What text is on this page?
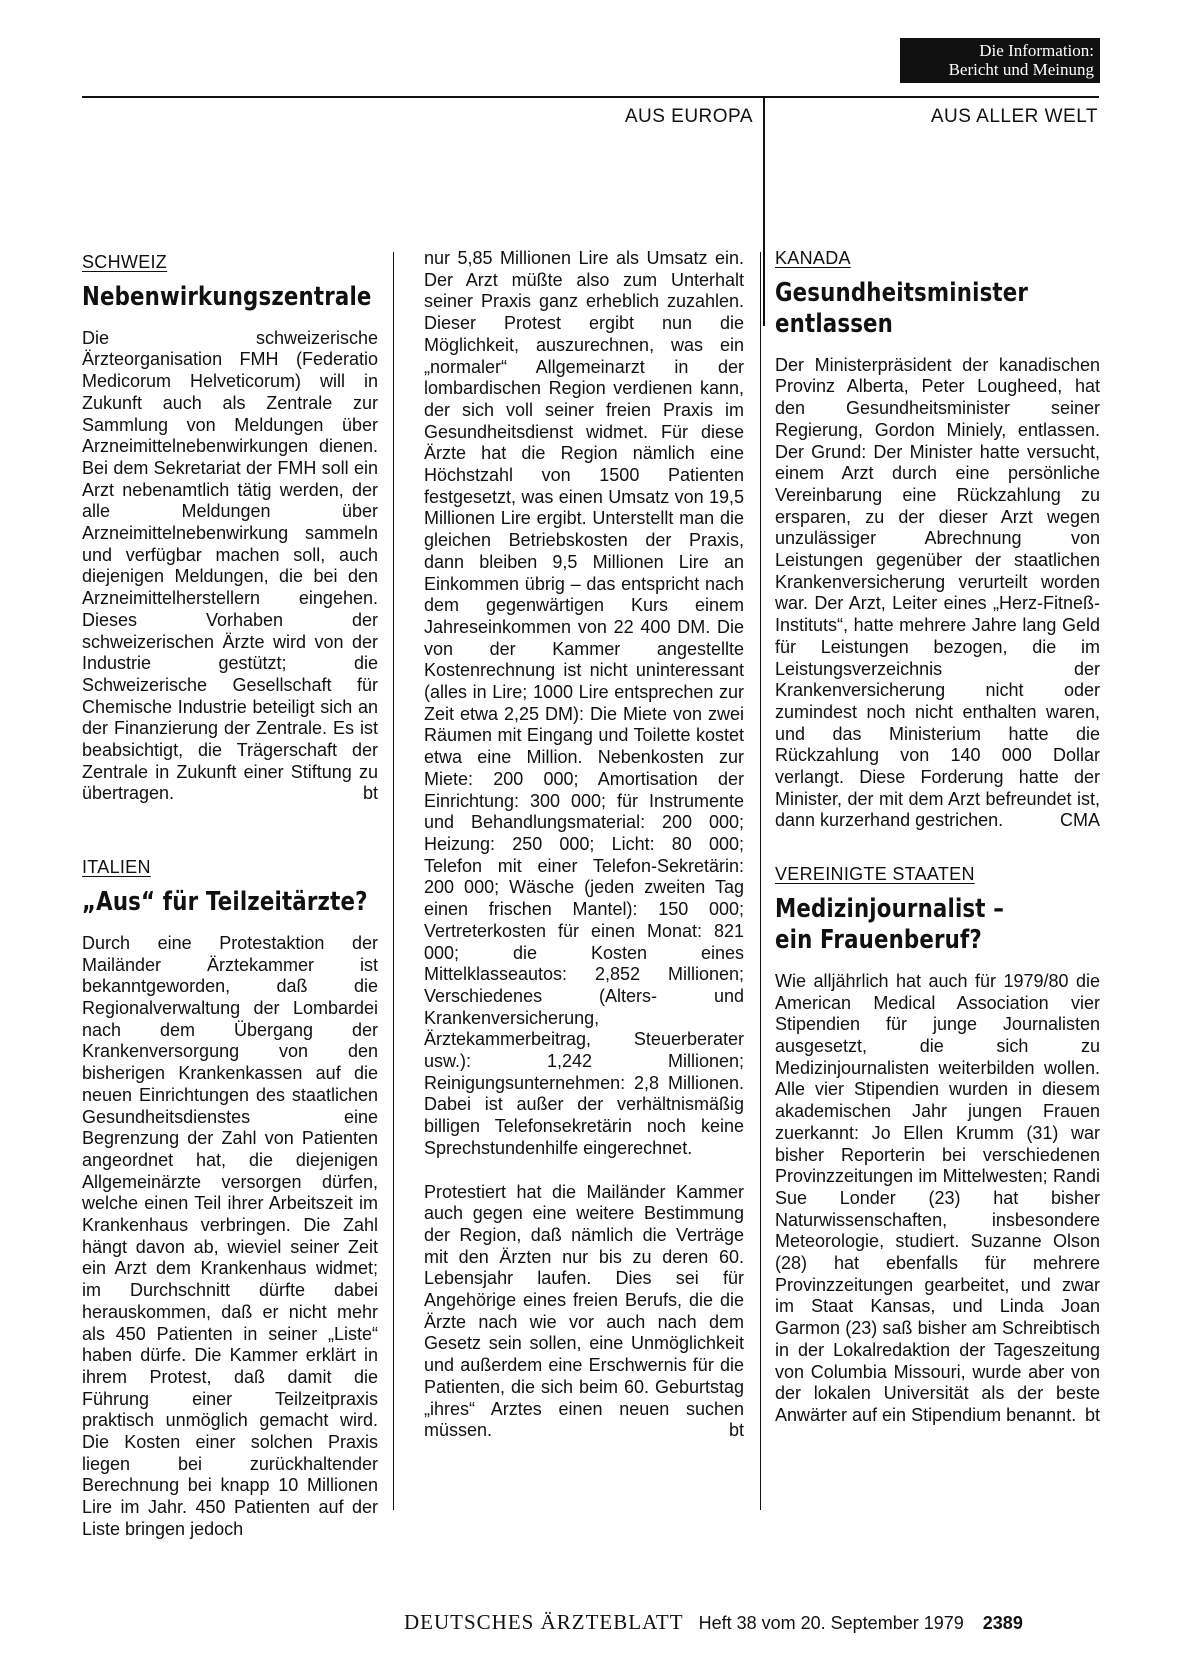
Die Information:
Bericht und Meinung
AUS EUROPA	AUS ALLER WELT

SCHWEIZ

Nebenwirkungszentrale

Die schweizerische Ärzteorganisation FMH (Federatio Medicorum Helveticorum) will in Zukunft auch als Zentrale zur Sammlung von Meldungen über Arzneimittelnebenwirkungen dienen. Bei dem Sekretariat der FMH soll ein Arzt nebenamtlich tätig werden, der alle Meldungen über Arzneimittelnebenwirkung sammeln und verfügbar machen soll, auch diejenigen Meldungen, die bei den Arzneimittelherstellern eingehen. Dieses Vorhaben der schweizerischen Ärzte wird von der Industrie gestützt; die Schweizerische Gesellschaft für Chemische Industrie beteiligt sich an der Finanzierung der Zentrale. Es ist beabsichtigt, die Trägerschaft der Zentrale in Zukunft einer Stiftung zu übertragen.	bt

ITALIEN

„Aus“ für Teilzeitärzte?

Durch eine Protestaktion der Mailänder Ärztekammer ist bekanntgeworden, daß die Regionalverwaltung der Lombardei nach dem Übergang der Krankenversorgung von den bisherigen Krankenkassen auf die neuen Einrichtungen des staatlichen Gesundheitsdienstes eine Begrenzung der Zahl von Patienten angeordnet hat, die diejenigen Allgemeinärzte versorgen dürfen, welche einen Teil ihrer Arbeitszeit im Krankenhaus verbringen. Die Zahl hängt davon ab, wieviel seiner Zeit ein Arzt dem Krankenhaus widmet; im Durchschnitt dürfte dabei herauskommen, daß er nicht mehr als 450 Patienten in seiner „Liste“ haben dürfe. Die Kammer erklärt in ihrem Protest, daß damit die Führung einer Teilzeitpraxis praktisch unmöglich gemacht wird. Die Kosten einer solchen Praxis liegen bei zurückhaltender Berechnung bei knapp 10 Millionen Lire im Jahr. 450 Patienten auf der Liste bringen jedoch

nur 5,85 Millionen Lire als Umsatz ein. Der Arzt müßte also zum Unterhalt seiner Praxis ganz erheblich zuzahlen. Dieser Protest ergibt nun die Möglichkeit, auszurechnen, was ein „normaler“ Allgemeinarzt in der lombardischen Region verdienen kann, der sich voll seiner freien Praxis im Gesundheitsdienst widmet. Für diese Ärzte hat die Region nämlich eine Höchstzahl von 1500 Patienten festgesetzt, was einen Umsatz von 19,5 Millionen Lire ergibt. Unterstellt man die gleichen Betriebskosten der Praxis, dann bleiben 9,5 Millionen Lire an Einkommen übrig – das entspricht nach dem gegenwärtigen Kurs einem Jahreseinkommen von 22 400 DM. Die von der Kammer angestellte Kostenrechnung ist nicht uninteressant (alles in Lire; 1000 Lire entsprechen zur Zeit etwa 2,25 DM): Die Miete von zwei Räumen mit Eingang und Toilette kostet etwa eine Million. Nebenkosten zur Miete: 200 000; Amortisation der Einrichtung: 300 000; für Instrumente und Behandlungsmaterial: 200 000; Heizung: 250 000; Licht: 80 000; Telefon mit einer Telefon-Sekretärin: 200 000; Wäsche (jeden zweiten Tag einen frischen Mantel): 150 000; Vertreterkosten für einen Monat: 821 000; die Kosten eines Mittelklasseautos: 2,852 Millionen; Verschiedenes (Alters- und Krankenversicherung, Ärztekammerbeitrag, Steuerberater usw.): 1,242 Millionen; Reinigungsunternehmen: 2,8 Millionen. Dabei ist außer der verhältnismäßig billigen Telefonsekretärin noch keine Sprechstundenhilfe eingerechnet.

Protestiert hat die Mailänder Kammer auch gegen eine weitere Bestimmung der Region, daß nämlich die Verträge mit den Ärzten nur bis zu deren 60. Lebensjahr laufen. Dies sei für Angehörige eines freien Berufs, die die Ärzte nach wie vor auch nach dem Gesetz sein sollen, eine Unmöglichkeit und außerdem eine Erschwernis für die Patienten, die sich beim 60. Geburtstag „ihres“ Arztes einen neuen suchen müssen.	bt

KANADA

Gesundheitsminister
entlassen

Der Ministerpräsident der kanadischen Provinz Alberta, Peter Lougheed, hat den Gesundheitsminister seiner Regierung, Gordon Miniely, entlassen. Der Grund: Der Minister hatte versucht, einem Arzt durch eine persönliche Vereinbarung eine Rückzahlung zu ersparen, zu der dieser Arzt wegen unzulässiger Abrechnung von Leistungen gegenüber der staatlichen Krankenversicherung verurteilt worden war. Der Arzt, Leiter eines „Herz-Fitneß-Instituts“, hatte mehrere Jahre lang Geld für Leistungen bezogen, die im Leistungsverzeichnis der Krankenversicherung nicht oder zumindest noch nicht enthalten waren, und das Ministerium hatte die Rückzahlung von 140 000 Dollar verlangt. Diese Forderung hatte der Minister, der mit dem Arzt befreundet ist, dann kurzerhand gestrichen.	CMA

VEREINIGTE STAATEN

Medizinjournalist –
ein Frauenberuf?

Wie alljährlich hat auch für 1979/80 die American Medical Association vier Stipendien für junge Journalisten ausgesetzt, die sich zu Medizinjournalisten weiterbilden wollen. Alle vier Stipendien wurden in diesem akademischen Jahr jungen Frauen zuerkannt: Jo Ellen Krumm (31) war bisher Reporterin bei verschiedenen Provinzzeitungen im Mittelwesten; Randi Sue Londer (23) hat bisher Naturwissenschaften, insbesondere Meteorologie, studiert. Suzanne Olson (28) hat ebenfalls für mehrere Provinzzeitungen gearbeitet, und zwar im Staat Kansas, und Linda Joan Garmon (23) saß bisher am Schreibtisch in der Lokalredaktion der Tageszeitung von Columbia Missouri, wurde aber von der lokalen Universität als der beste Anwärter auf ein Stipendium benannt. bt

DEUTSCHES ÄRZTEBLATT Heft 38 vom 20. September 1979 2389
